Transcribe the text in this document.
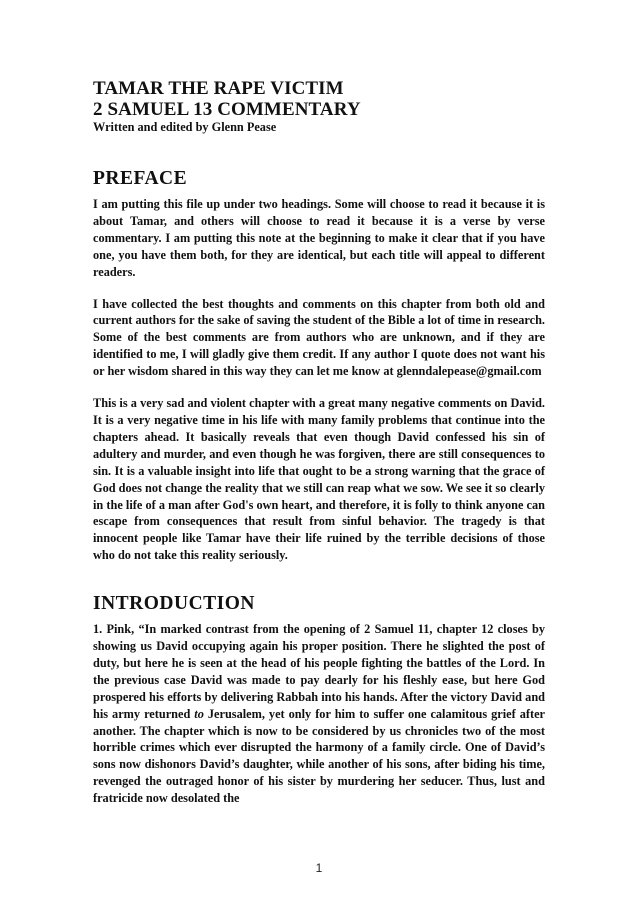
TAMAR THE RAPE VICTIM
2 SAMUEL 13 COMMENTARY
Written and edited by Glenn Pease
PREFACE

I am putting this file up under two headings. Some will choose to read it because it is about Tamar, and others will choose to read it because it is a verse by verse commentary. I am putting this note at the beginning to make it clear that if you have one, you have them both, for they are identical, but each title will appeal to different readers.

I have collected the best thoughts and comments on this chapter from both old and current authors for the sake of saving the student of the Bible a lot of time in research. Some of the best comments are from authors who are unknown, and if they are identified to me, I will gladly give them credit. If any author I quote does not want his or her wisdom shared in this way they can let me know at glenndalepease@gmail.com

This is a very sad and violent chapter with a great many negative comments on David. It is a very negative time in his life with many family problems that continue into the chapters ahead. It basically reveals that even though David confessed his sin of adultery and murder, and even though he was forgiven, there are still consequences to sin. It is a valuable insight into life that ought to be a strong warning that the grace of God does not change the reality that we still can reap what we sow. We see it so clearly in the life of a man after God's own heart, and therefore, it is folly to think anyone can escape from consequences that result from sinful behavior. The tragedy is that innocent people like Tamar have their life ruined by the terrible decisions of those who do not take this reality seriously.

INTRODUCTION

1. Pink, “In marked contrast from the opening of 2 Samuel 11, chapter 12 closes by showing us David occupying again his proper position. There he slighted the post of duty, but here he is seen at the head of his people fighting the battles of the Lord. In the previous case David was made to pay dearly for his fleshly ease, but here God prospered his efforts by delivering Rabbah into his hands. After the victory David and his army returned to Jerusalem, yet only for him to suffer one calamitous grief after another. The chapter which is now to be considered by us chronicles two of the most horrible crimes which ever disrupted the harmony of a family circle. One of David’s sons now dishonors David’s daughter, while another of his sons, after biding his time, revenged the outraged honor of his sister by murdering her seducer. Thus, lust and fratricide now desolated the

1
